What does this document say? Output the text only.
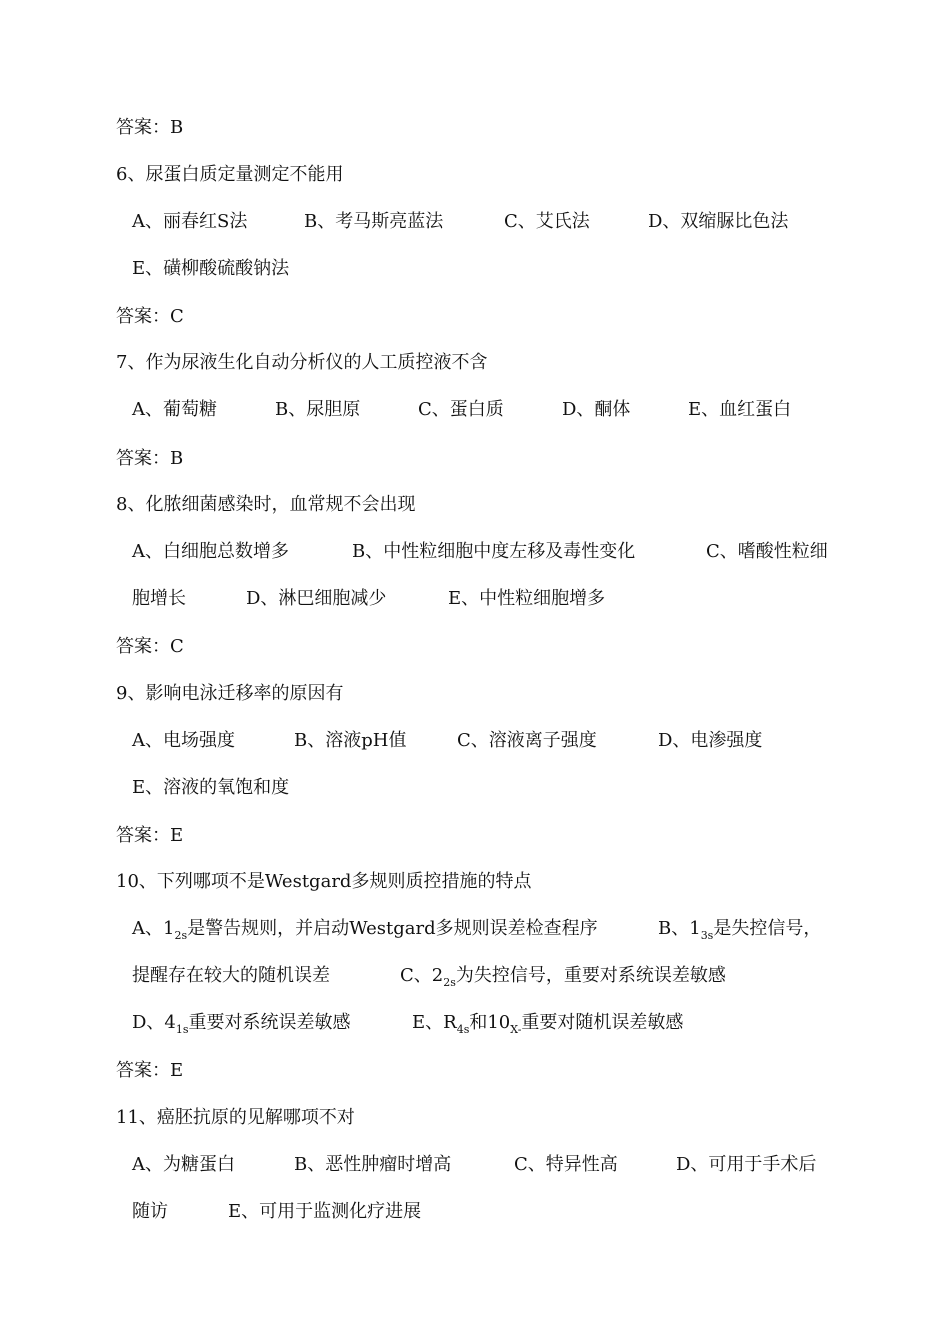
答案：B
6、尿蛋白质定量测定不能用
A、丽春红S法	B、考马斯亮蓝法	C、艾氏法	D、双缩脲比色法
E、磺柳酸硫酸钠法
答案：C
7、作为尿液生化自动分析仪的人工质控液不含
A、葡萄糖	B、尿胆原	C、蛋白质	D、酮体	E、血红蛋白
答案：B
8、化脓细菌感染时，血常规不会出现
A、白细胞总数增多	B、中性粒细胞中度左移及毒性变化	C、嗜酸性粒细
胞增长	D、淋巴细胞减少	E、中性粒细胞增多
答案：C
9、影响电泳迁移率的原因有
A、电场强度	B、溶液pH值	C、溶液离子强度	D、电渗强度
E、溶液的氧饱和度
答案：E
10、下列哪项不是Westgard多规则质控措施的特点
A、$1_{2s}$是警告规则，并启动Westgard多规则误差检查程序	B、$1_{3s}$是失控信号，
提醒存在较大的随机误差	C、$2_{2s}$为失控信号，重要对系统误差敏感
D、$4_{1s}$重要对系统误差敏感	E、$R_{4s}$和$10_{X-}$重要对随机误差敏感
答案：E
11、癌胚抗原的见解哪项不对
A、为糖蛋白	B、恶性肿瘤时增高	C、特异性高	D、可用于手术后
随访	E、可用于监测化疗进展
